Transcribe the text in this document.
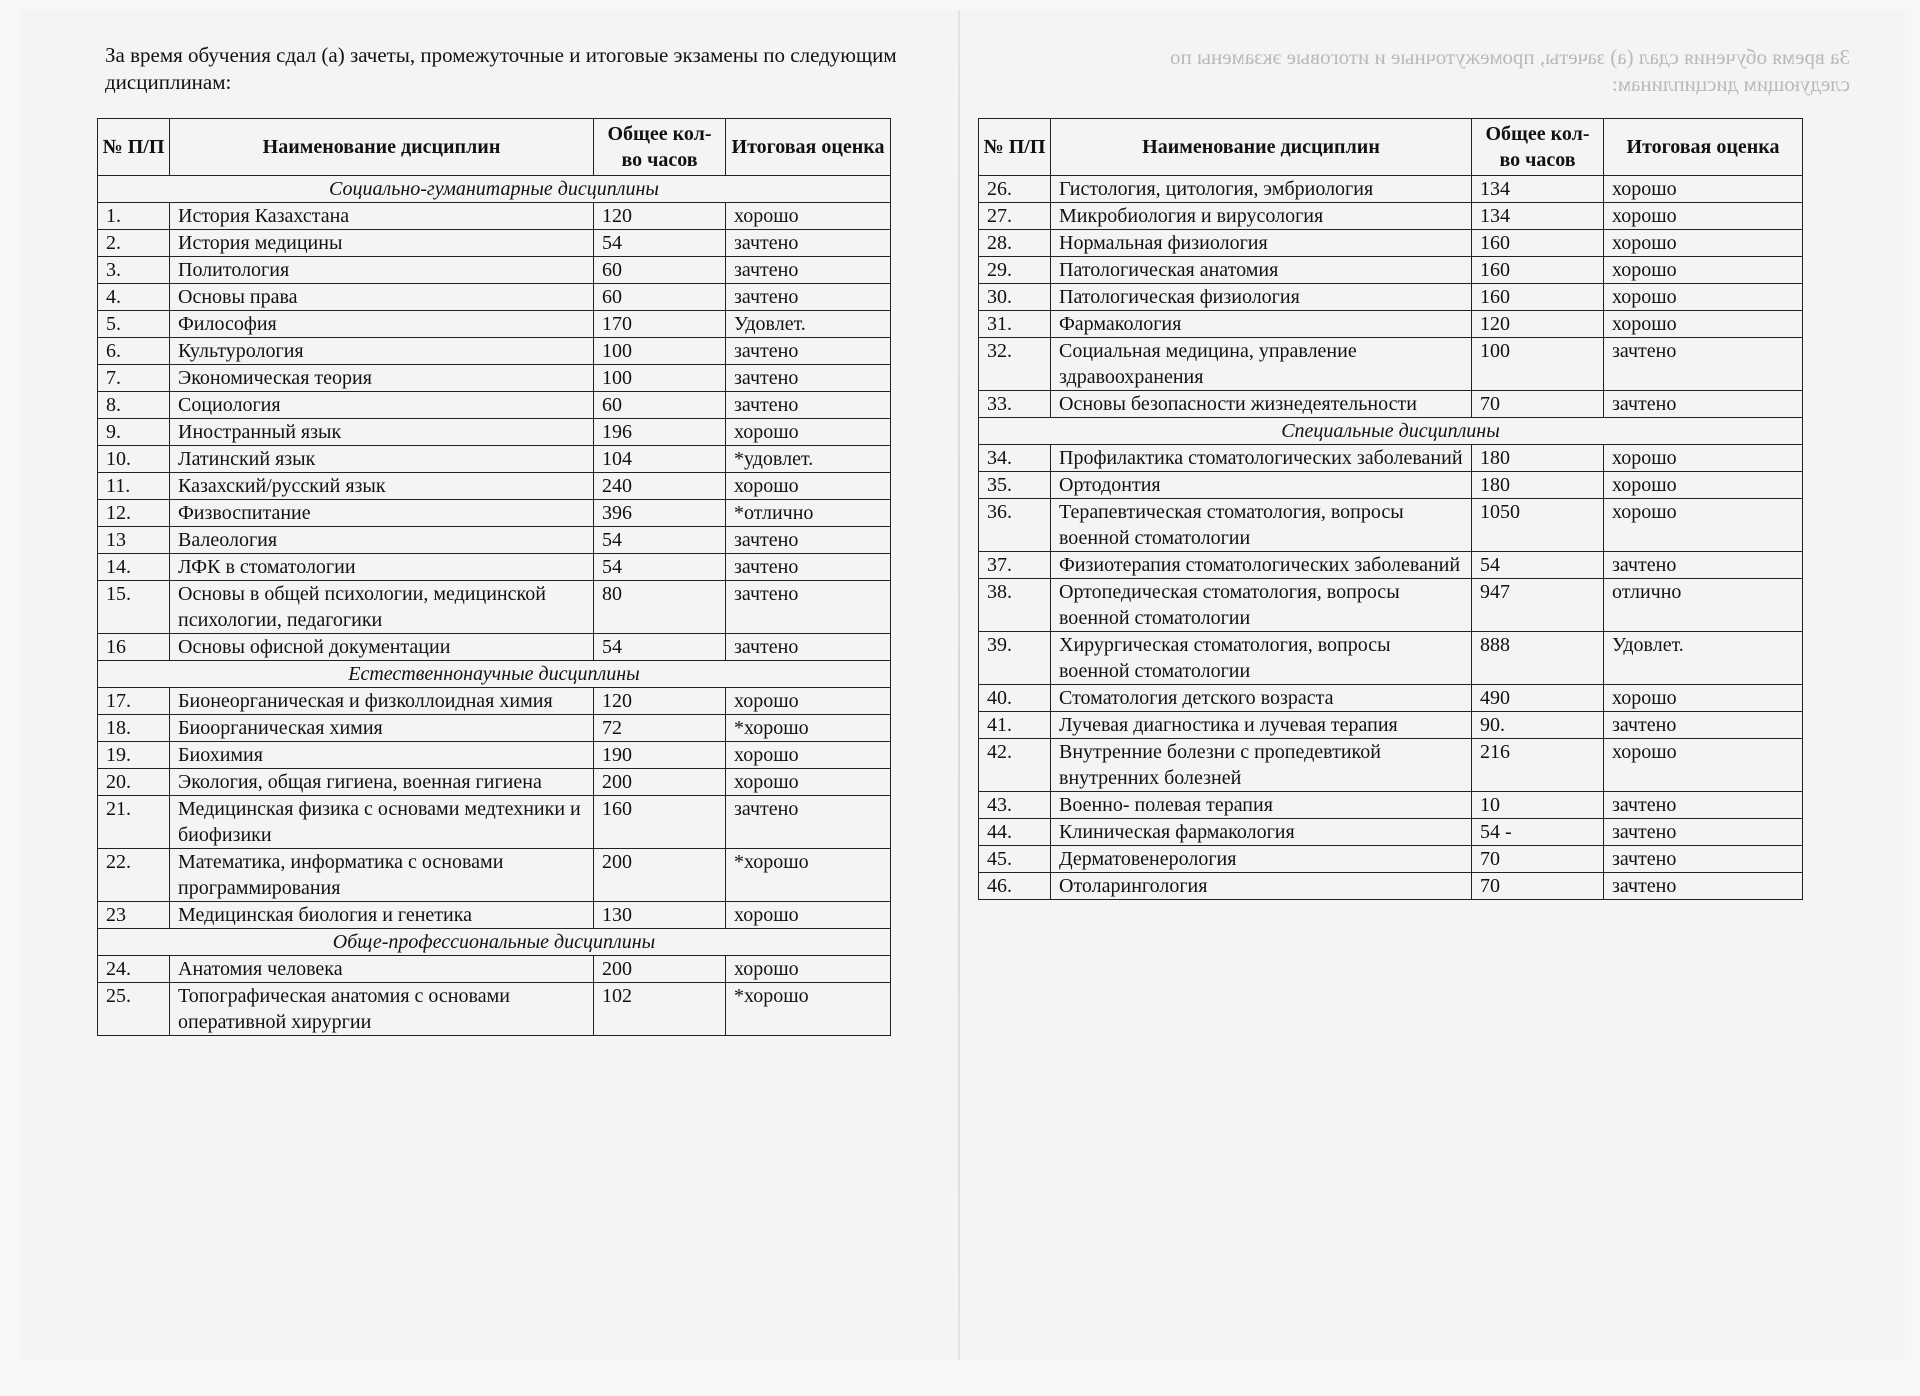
За время обучения сдал (а) зачеты, промежуточные и итоговые экзамены по следующим дисциплинам:
За время обучения сдал (а) зачеты, промежуточные и итоговые экзамены по следующим дисциплинам:
№ П/П	Наименование дисциплин	Общее кол-во часов	Итоговая оценка
Социально-гуманитарные дисциплины			
1.	История Казахстана	120	хорошо
2.	История медицины	54	зачтено
3.	Политология	60	зачтено
4.	Основы права	60	зачтено
5.	Философия	170	Удовлет.
6.	Культурология	100	зачтено
7.	Экономическая теория	100	зачтено
8.	Социология	60	зачтено
9.	Иностранный язык	196	хорошо
10.	Латинский язык	104	*удовлет.
11.	Казахский/русский язык	240	хорошо
12.	Физвоспитание	396	*отлично
13	Валеология	54	зачтено
14.	ЛФК в стоматологии	54	зачтено
15.	Основы в общей психологии, медицинской психологии, педагогики	80	зачтено
16	Основы офисной документации	54	зачтено
Естественнонаучные дисциплины			
17.	Бионеорганическая и физколлоидная химия	120	хорошо
18.	Биоорганическая химия	72	*хорошо
19.	Биохимия	190	хорошо
20.	Экология, общая гигиена, военная гигиена	200	хорошо
21.	Медицинская физика с основами медтехники и биофизики	160	зачтено
22.	Математика, информатика с основами программирования	200	*хорошо
23	Медицинская биология и генетика	130	хорошо
Обще-профессиональные дисциплины			
24.	Анатомия человека	200	хорошо
25.	Топографическая анатомия с основами оперативной хирургии	102	*хорошо
№ П/П	Наименование дисциплин	Общее кол-во часов	Итоговая оценка
26.	Гистология, цитология, эмбриология	134	хорошо
27.	Микробиология и вирусология	134	хорошо
28.	Нормальная физиология	160	хорошо
29.	Патологическая анатомия	160	хорошо
30.	Патологическая физиология	160	хорошо
31.	Фармакология	120	хорошо
32.	Социальная медицина, управление здравоохранения	100	зачтено
33.	Основы безопасности жизнедеятельности	70	зачтено
Специальные дисциплины			
34.	Профилактика стоматологических заболеваний	180	хорошо
35.	Ортодонтия	180	хорошо
36.	Терапевтическая стоматология, вопросы военной стоматологии	1050	хорошо
37.	Физиотерапия стоматологических заболеваний	54	зачтено
38.	Ортопедическая стоматология, вопросы военной стоматологии	947	отлично
39.	Хирургическая стоматология, вопросы военной стоматологии	888	Удовлет.
40.	Стоматология детского возраста	490	хорошо
41.	Лучевая диагностика и лучевая терапия	90.	зачтено
42.	Внутренние болезни с пропедевтикой внутренних болезней	216	хорошо
43.	Военно- полевая терапия	10	зачтено
44.	Клиническая фармакология	54 -	зачтено
45.	Дерматовенерология	70	зачтено
46.	Отоларингология	70	зачтено
